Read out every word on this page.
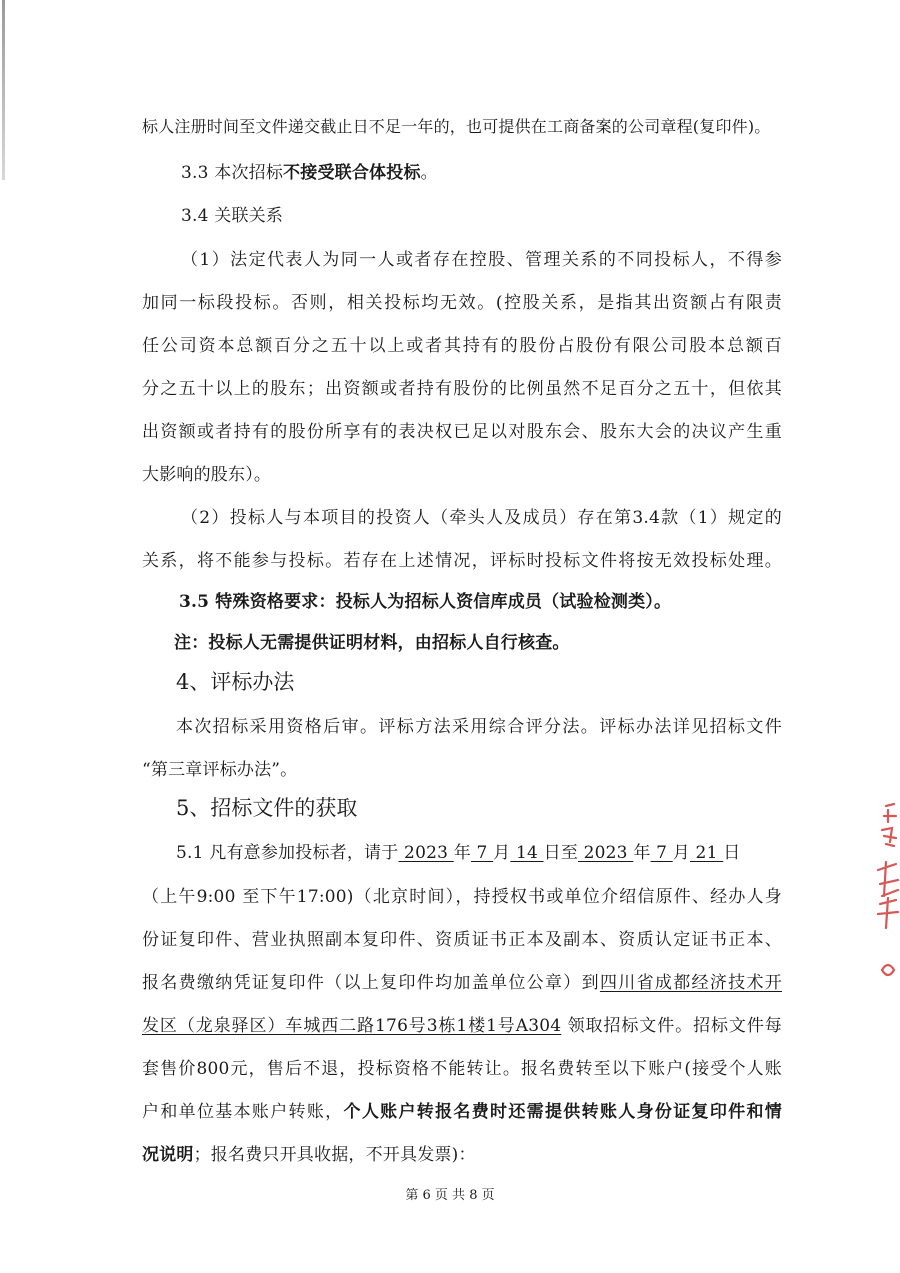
标人注册时间至文件递交截止日不足一年的，也可提供在工商备案的公司章程(复印件)。
3.3 本次招标不接受联合体投标。
3.4 关联关系
（1）法定代表人为同一人或者存在控股、管理关系的不同投标人，不得参
加同一标段投标。否则，相关投标均无效。(控股关系，是指其出资额占有限责
任公司资本总额百分之五十以上或者其持有的股份占股份有限公司股本总额百
分之五十以上的股东；出资额或者持有股份的比例虽然不足百分之五十，但依其
出资额或者持有的股份所享有的表决权已足以对股东会、股东大会的决议产生重
大影响的股东）。
（2）投标人与本项目的投资人（牵头人及成员）存在第3.4款（1）规定的
关系，将不能参与投标。若存在上述情况，评标时投标文件将按无效投标处理。
3.5 特殊资格要求：投标人为招标人资信库成员（试验检测类）。
注：投标人无需提供证明材料，由招标人自行核查。
4、评标办法
本次招标采用资格后审。评标方法采用综合评分法。评标办法详见招标文件
“第三章评标办法”。
5、招标文件的获取
5.1 凡有意参加投标者，请于 2023 年 7 月 14 日至 2023 年 7 月 21 日
（上午9:00 至下午17:00)（北京时间），持授权书或单位介绍信原件、经办人身
份证复印件、营业执照副本复印件、资质证书正本及副本、资质认定证书正本、
报名费缴纳凭证复印件（以上复印件均加盖单位公章）到四川省成都经济技术开
发区（龙泉驿区）车城西二路176号3栋1楼1号A304 领取招标文件。招标文件每
套售价800元，售后不退，投标资格不能转让。报名费转至以下账户(接受个人账
户和单位基本账户转账，个人账户转报名费时还需提供转账人身份证复印件和情
况说明；报名费只开具收据，不开具发票)：
第 6 页 共 8 页
